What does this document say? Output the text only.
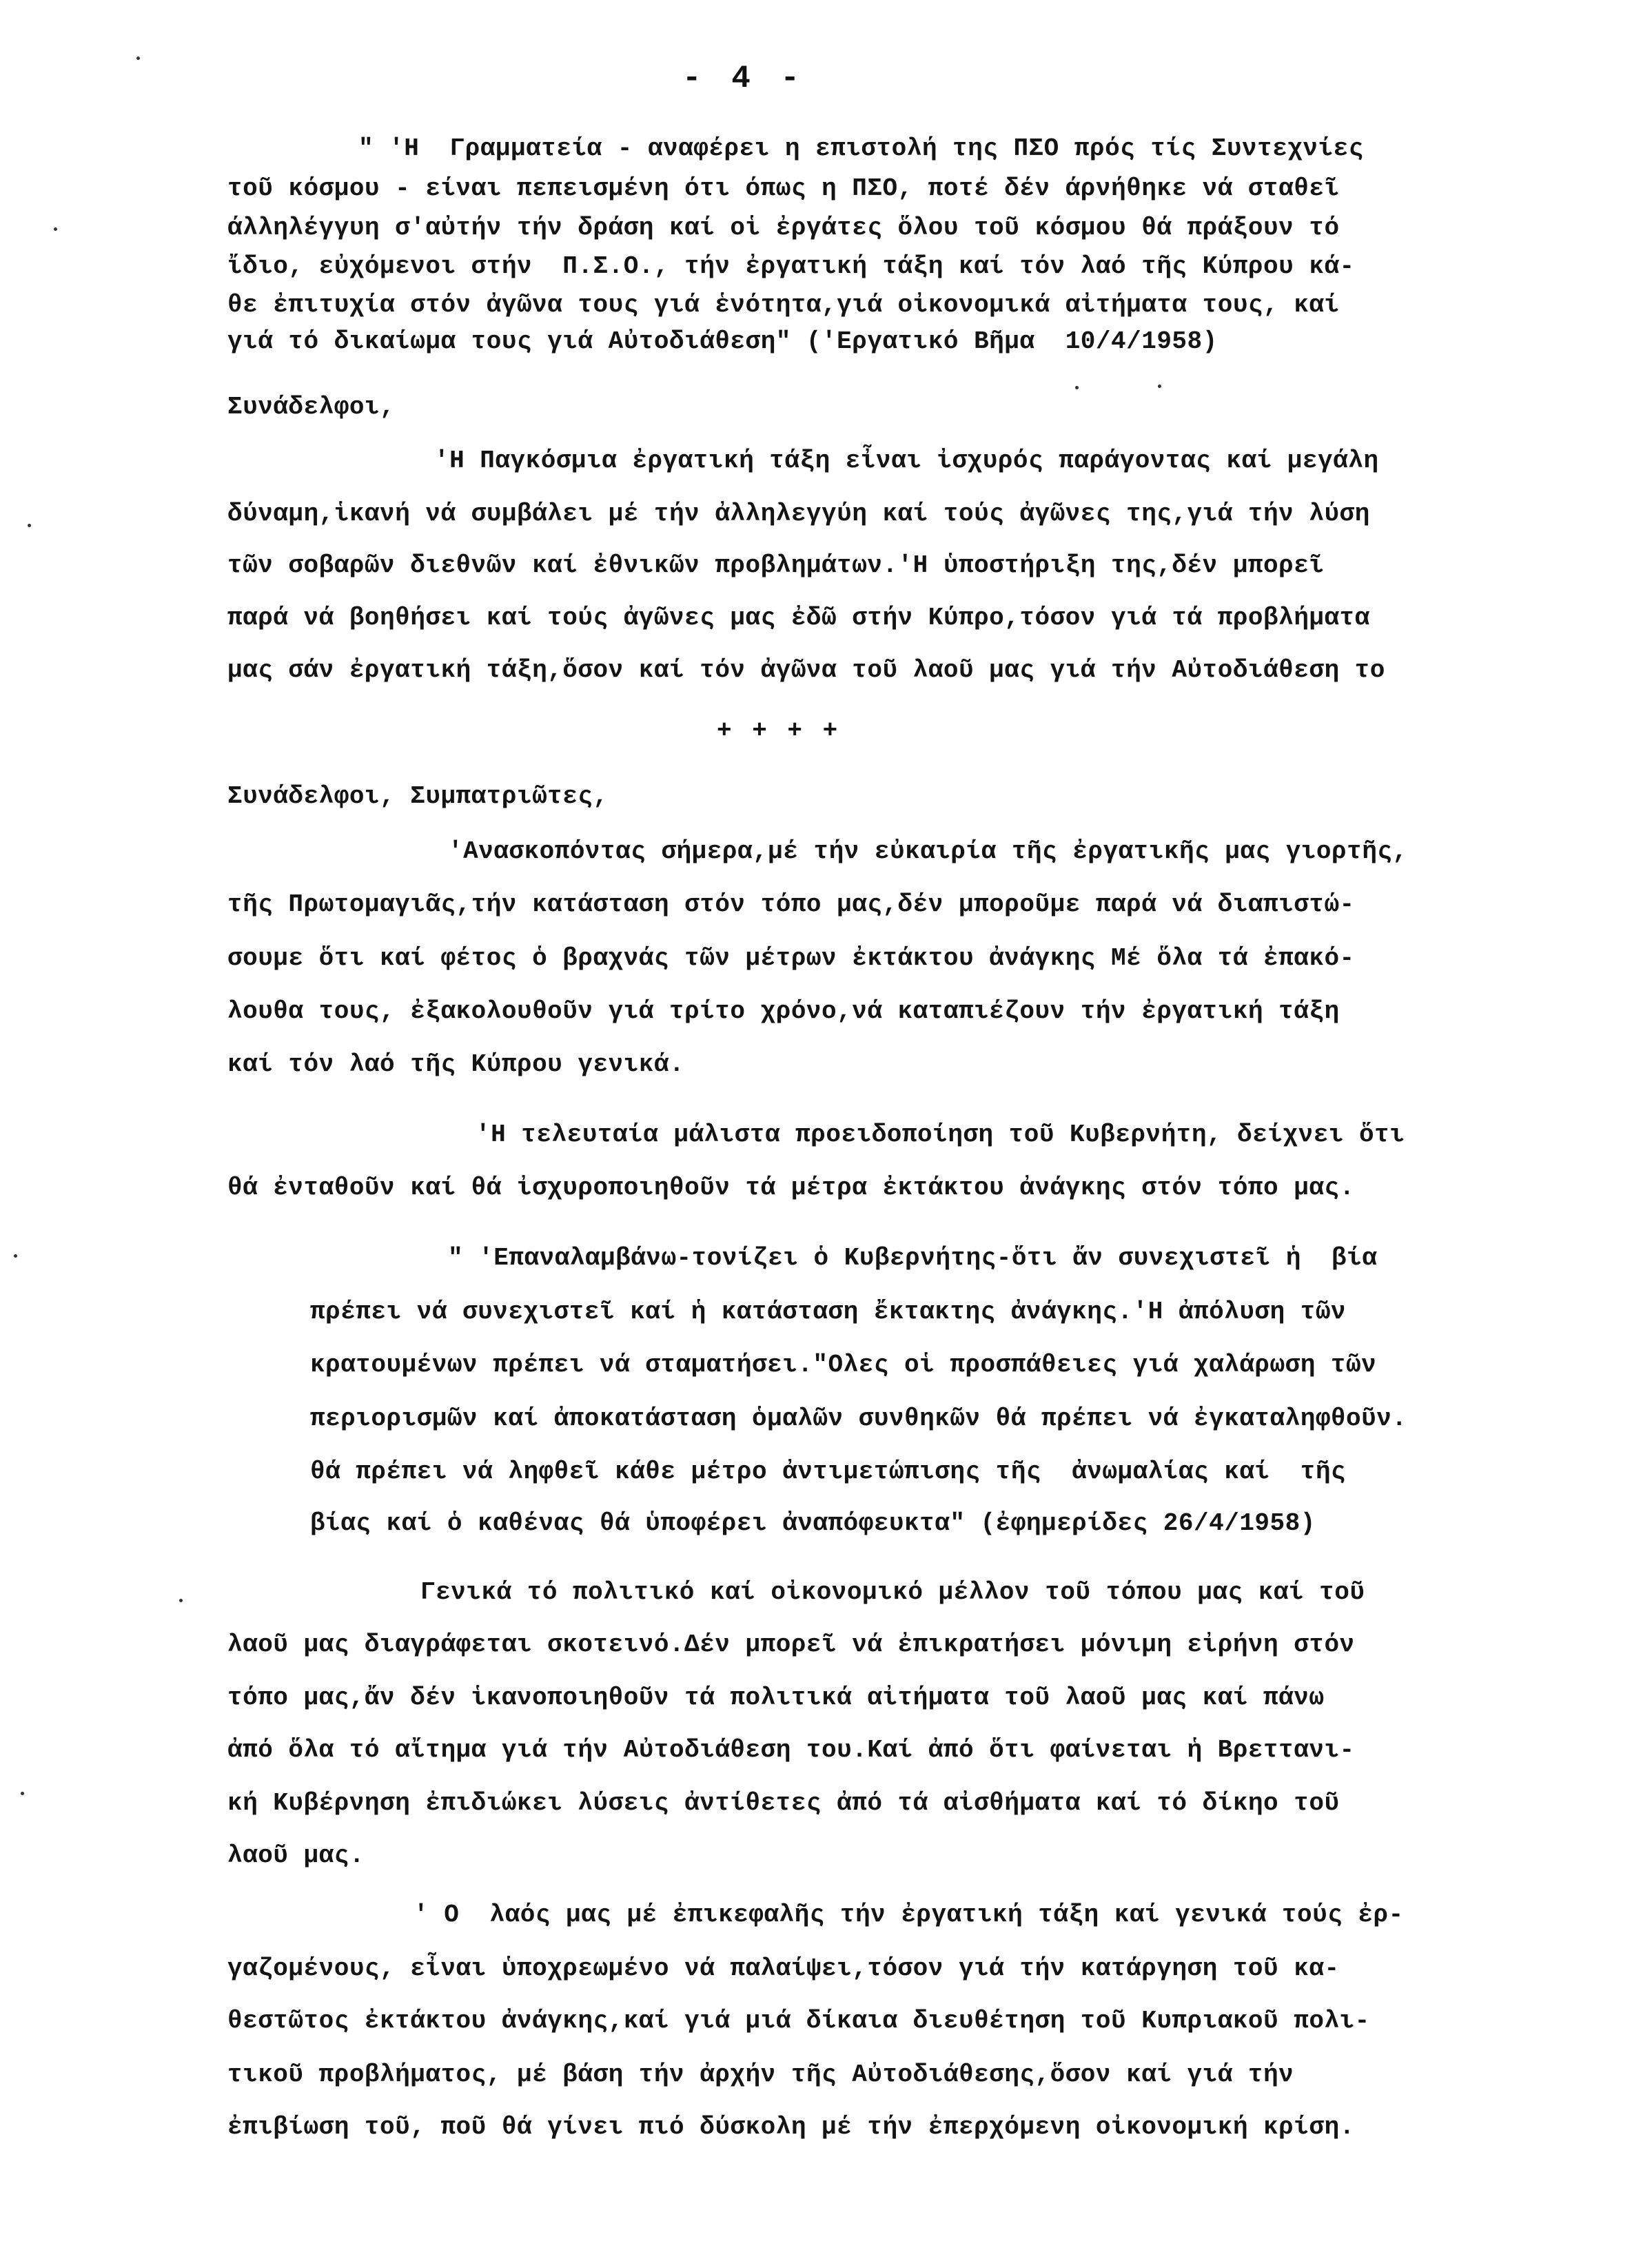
- 4 -
" 'Η  Γραμματεία - αναφέρει η επιστολή της ΠΣΟ πρός τίς Συντεχνίες
τοῦ κόσμου - είναι πεπεισμένη ότι όπως η ΠΣΟ, ποτέ δέν άρνήθηκε νά σταθεῖ
άλληλέγγυη σ'αὐτήν τήν δράση καί οἱ ἐργάτες ὅλου τοῦ κόσμου θά πράξουν τό
ἴδιο, εὐχόμενοι στήν  Π.Σ.Ο., τήν ἐργατική τάξη καί τόν λαό τῆς Κύπρου κά-
θε ἐπιτυχία στόν ἀγῶνα τους γιά ἑνότητα,γιά οἰκονομικά αἰτήματα τους, καί
γιά τό δικαίωμα τους γιά Αὐτοδιάθεση" ('Εργατικό Βῆμα  10/4/1958)
Συνάδελφοι,
'Η Παγκόσμια ἐργατική τάξη εἶναι ἰσχυρός παράγοντας καί μεγάλη
δύναμη,ἱκανή νά συμβάλει μέ τήν ἀλληλεγγύη καί τούς ἀγῶνες της,γιά τήν λύση
τῶν σοβαρῶν διεθνῶν καί ἐθνικῶν προβλημάτων.'Η ὑποστήριξη της,δέν μπορεῖ
παρά νά βοηθήσει καί τούς ἀγῶνες μας ἐδῶ στήν Κύπρο,τόσον γιά τά προβλήματα
μας σάν ἐργατική τάξη,ὅσον καί τόν ἀγῶνα τοῦ λαοῦ μας γιά τήν Αὐτοδιάθεση το
+ + + +
Συνάδελφοι, Συμπατριῶτες,
'Ανασκοπόντας σήμερα,μέ τήν εὐκαιρία τῆς ἐργατικῆς μας γιορτῆς,
τῆς Πρωτομαγιᾶς,τήν κατάσταση στόν τόπο μας,δέν μποροῦμε παρά νά διαπιστώ-
σουμε ὅτι καί φέτος ὁ βραχνάς τῶν μέτρων ἐκτάκτου ἀνάγκης Μέ ὅλα τά ἐπακό-
λουθα τους, ἐξακολουθοῦν γιά τρίτο χρόνο,νά καταπιέζουν τήν ἐργατική τάξη
καί τόν λαό τῆς Κύπρου γενικά.
'Η τελευταία μάλιστα προειδοποίηση τοῦ Κυβερνήτη, δείχνει ὅτι
θά ἐνταθοῦν καί θά ἰσχυροποιηθοῦν τά μέτρα ἐκτάκτου ἀνάγκης στόν τόπο μας.
" 'Επαναλαμβάνω-τονίζει ὁ Κυβερνήτης-ὅτι ἄν συνεχιστεῖ ἡ  βία
πρέπει νά συνεχιστεῖ καί ἡ κατάσταση ἔκτακτης ἀνάγκης.'Η ἀπόλυση τῶν
κρατουμένων πρέπει νά σταματήσει."Ολες οἱ προσπάθειες γιά χαλάρωση τῶν
περιορισμῶν καί ἀποκατάσταση ὁμαλῶν συνθηκῶν θά πρέπει νά ἐγκαταληφθοῦν.
θά πρέπει νά ληφθεῖ κάθε μέτρο ἀντιμετώπισης τῆς  ἀνωμαλίας καί  τῆς
βίας καί ὁ καθένας θά ὑποφέρει ἀναπόφευκτα" (ἐφημερίδες 26/4/1958)
Γενικά τό πολιτικό καί οἰκονομικό μέλλον τοῦ τόπου μας καί τοῦ
λαοῦ μας διαγράφεται σκοτεινό.Δέν μπορεῖ νά ἐπικρατήσει μόνιμη εἰρήνη στόν
τόπο μας,ἄν δέν ἱκανοποιηθοῦν τά πολιτικά αἰτήματα τοῦ λαοῦ μας καί πάνω
ἀπό ὅλα τό αἴτημα γιά τήν Αὐτοδιάθεση του.Καί ἀπό ὅτι φαίνεται ἡ Βρεττανι-
κή Κυβέρνηση ἐπιδιώκει λύσεις ἀντίθετες ἀπό τά αἰσθήματα καί τό δίκηο τοῦ
λαοῦ μας.
' Ο  λαός μας μέ ἐπικεφαλῆς τήν ἐργατική τάξη καί γενικά τούς ἐρ-
γαζομένους, εἶναι ὑποχρεωμένο νά παλαίψει,τόσον γιά τήν κατάργηση τοῦ κα-
θεστῶτος ἐκτάκτου ἀνάγκης,καί γιά μιά δίκαια διευθέτηση τοῦ Κυπριακοῦ πολι-
τικοῦ προβλήματος, μέ βάση τήν ἀρχήν τῆς Αὐτοδιάθεσης,ὅσον καί γιά τήν
ἐπιβίωση τοῦ, ποῦ θά γίνει πιό δύσκολη μέ τήν ἐπερχόμενη οἰκονομική κρίση.
